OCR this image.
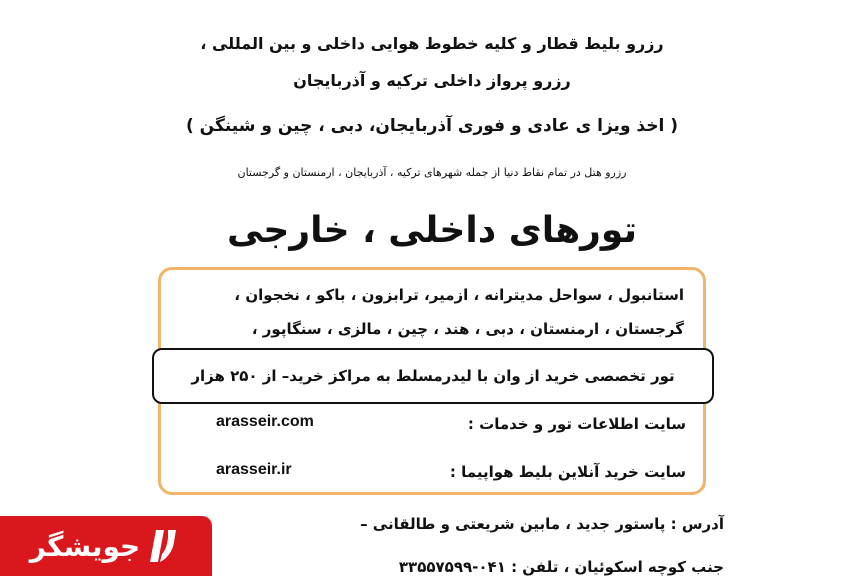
رزرو بلیط قطار و کلیه خطوط هوایی داخلی و بین المللی ،
رزرو پرواز داخلی ترکیه و آذربایجان
( اخذ ویزا ی عادی و فوری آذربایجان، دبی ، چین و شینگن )
رزرو هتل در تمام نقاط دنیا از جمله شهرهای ترکیه ، آذربایجان ، ارمنستان و گرجستان
تورهای داخلی ، خارجی
استانبول ، سواحل مدیترانه ، ازمیر، ترابزون ، باکو ، نخجوان ،
گرجستان ، ارمنستان ، دبی ، هند ، چین ، مالزی ، سنگاپور ،
تور تخصصی خرید از وان با لیدرمسلط به مراکز خرید– از ۲۵۰ هزار
سایت اطلاعات تور و خدمات :
arasseir.com
سایت خرید آنلاین بلیط هواپیما :
arasseir.ir
آدرس : پاستور جدید ، مابین شریعتی و طالقانی –
جنب کوچه اسکوئیان ، تلفن : ۰۴۱-۳۳۵۵۷۵۹۹
جویشگر
